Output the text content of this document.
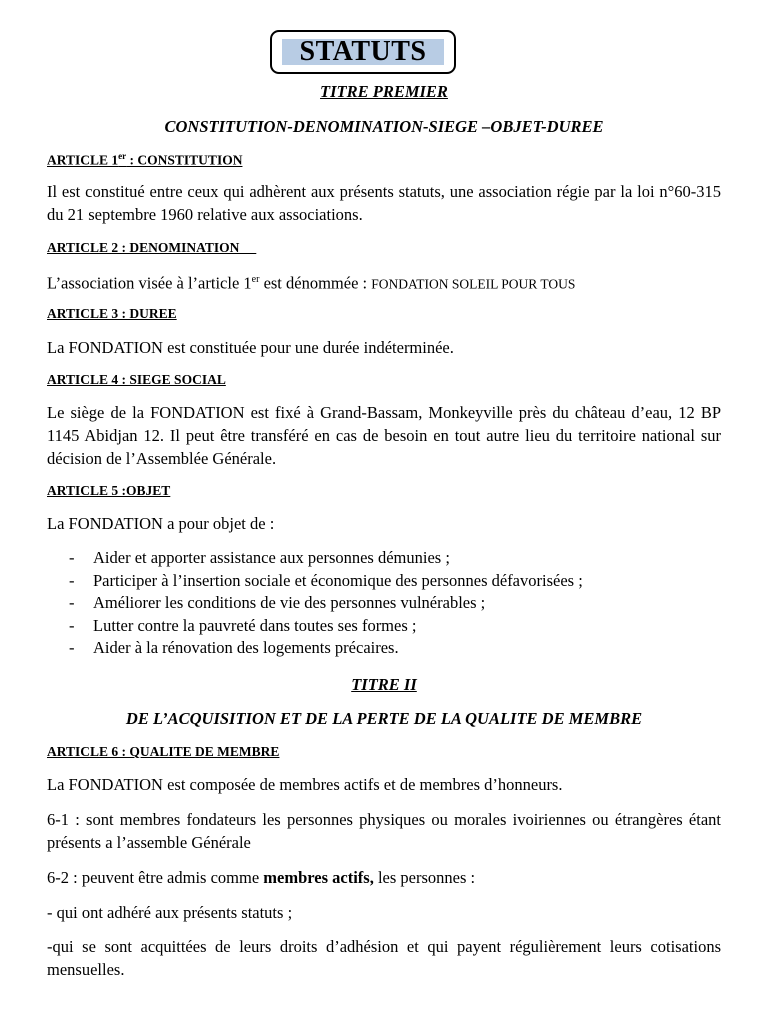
STATUTS
TITRE PREMIER
CONSTITUTION-DENOMINATION-SIEGE –OBJET-DUREE
ARTICLE 1er : CONSTITUTION
Il est constitué entre ceux qui adhèrent aux présents statuts, une association régie par la loi n°60-315 du 21 septembre 1960 relative aux associations.
ARTICLE 2 : DENOMINATION
L’association visée à l’article 1er est dénommée : FONDATION SOLEIL POUR TOUS
ARTICLE 3 : DUREE
La FONDATION est constituée pour une durée indéterminée.
ARTICLE 4 : SIEGE SOCIAL
Le siège de la FONDATION est fixé à Grand-Bassam, Monkeyville près du château d’eau, 12 BP 1145 Abidjan 12. Il peut être transféré en cas de besoin en tout autre lieu du territoire national sur décision de l’Assemblée Générale.
ARTICLE 5 :OBJET
La FONDATION a pour objet de :
- Aider et apporter assistance aux personnes démunies ;
- Participer à l’insertion sociale et économique des personnes défavorisées ;
- Améliorer les conditions de vie des personnes vulnérables ;
- Lutter contre la pauvreté dans toutes ses formes ;
- Aider à la rénovation des logements précaires.
TITRE II
DE L’ACQUISITION ET DE LA PERTE DE LA QUALITE DE MEMBRE
ARTICLE 6 : QUALITE DE MEMBRE
La FONDATION est composée de membres actifs et de membres d’honneurs.
6-1 : sont membres fondateurs les personnes physiques ou morales ivoiriennes ou étrangères étant présents a l’assemble Générale
6-2 : peuvent être admis comme membres actifs, les personnes :
- qui ont adhéré aux présents statuts ;
-qui se sont acquittées de leurs droits d’adhésion et qui payent régulièrement leurs cotisations mensuelles.
